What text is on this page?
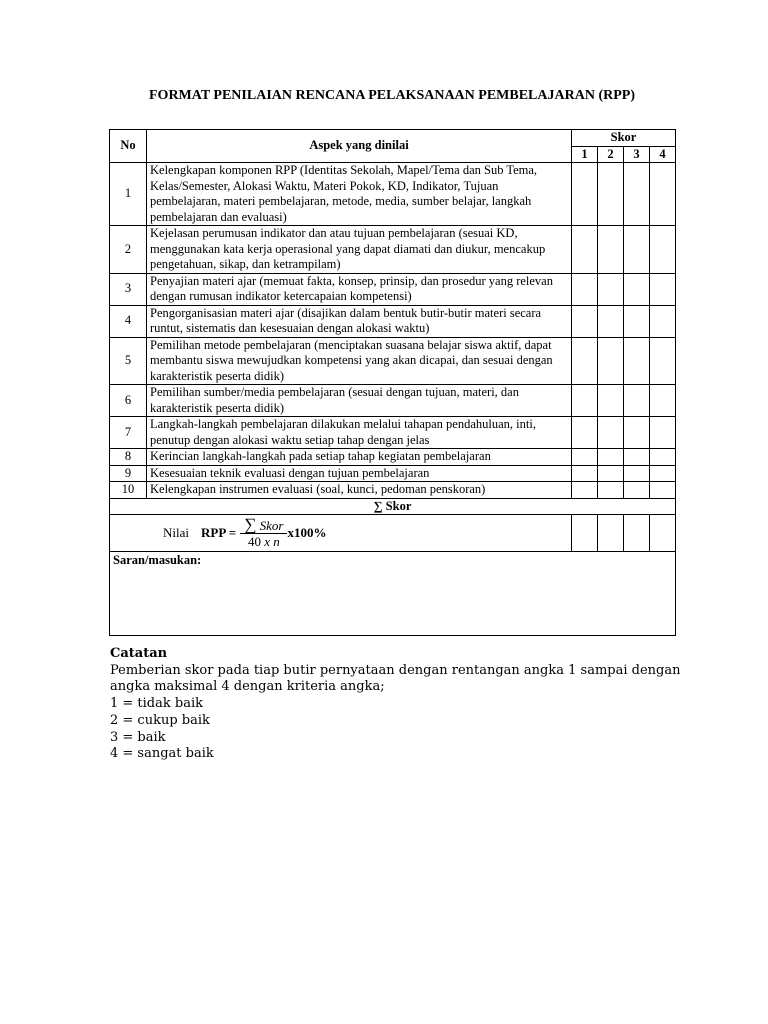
FORMAT PENILAIAN RENCANA PELAKSANAAN PEMBELAJARAN (RPP)
No	Aspek yang dinilai	Skor			
		1	2	3	4
1	Kelengkapan komponen RPP (Identitas Sekolah, Mapel/Tema dan Sub Tema, Kelas/Semester, Alokasi Waktu, Materi Pokok, KD, Indikator, Tujuan pembelajaran, materi pembelajaran, metode, media, sumber belajar, langkah pembelajaran dan evaluasi)				
2	Kejelasan perumusan indikator dan atau tujuan pembelajaran (sesuai KD, menggunakan kata kerja operasional yang dapat diamati dan diukur, mencakup pengetahuan, sikap, dan ketrampilam)				
3	Penyajian materi ajar (memuat fakta, konsep, prinsip, dan prosedur yang relevan dengan rumusan indikator ketercapaian kompetensi)				
4	Pengorganisasian materi ajar (disajikan dalam bentuk butir-butir materi secara runtut, sistematis dan kesesuaian dengan alokasi waktu)				
5	Pemilihan metode pembelajaran (menciptakan suasana belajar siswa aktif, dapat membantu siswa mewujudkan kompetensi yang akan dicapai, dan sesuai dengan karakteristik peserta didik)				
6	Pemilihan sumber/media pembelajaran (sesuai dengan tujuan, materi, dan karakteristik peserta didik)				
7	Langkah-langkah pembelajaran dilakukan melalui tahapan pendahuluan, inti, penutup dengan alokasi waktu setiap tahap dengan jelas				
8	Kerincian langkah-langkah pada setiap tahap kegiatan pembelajaran				
9	Kesesuaian teknik evaluasi dengan tujuan pembelajaran				
10	Kelengkapan instrumen evaluasi (soal, kunci, pedoman penskoran)				
∑ Skor					

Nilai RPP = $\frac{\text{∑ Skor}}{\text{40 x n}} x100\%$					

Saran/masukan:					
Catatan
Pemberian skor pada tiap butir pernyataan dengan rentangan angka 1 sampai dengan angka maksimal 4 dengan kriteria angka;
1 = tidak baik
2 = cukup baik
3 = baik
4 = sangat baik
